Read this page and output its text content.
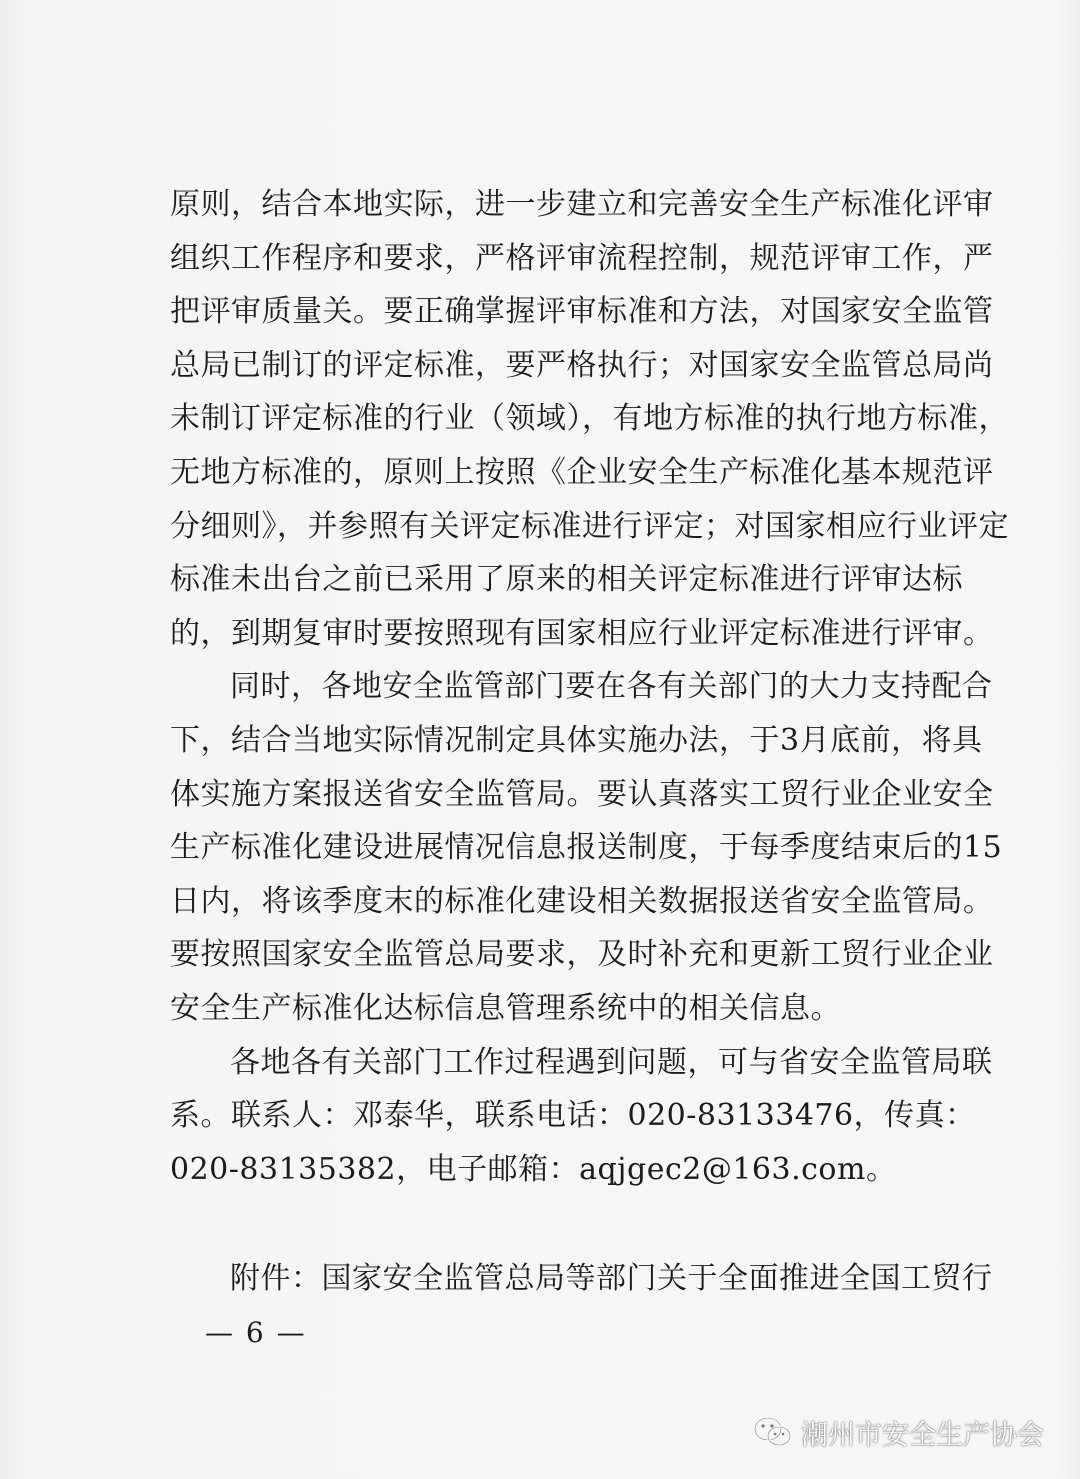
原则，结合本地实际，进一步建立和完善安全生产标准化评审
组织工作程序和要求，严格评审流程控制，规范评审工作，严
把评审质量关。要正确掌握评审标准和方法，对国家安全监管
总局已制订的评定标准，要严格执行；对国家安全监管总局尚
未制订评定标准的行业（领域），有地方标准的执行地方标准，
无地方标准的，原则上按照《企业安全生产标准化基本规范评
分细则》，并参照有关评定标准进行评定；对国家相应行业评定
标准未出台之前已采用了原来的相关评定标准进行评审达标
的，到期复审时要按照现有国家相应行业评定标准进行评审。
同时，各地安全监管部门要在各有关部门的大力支持配合
下，结合当地实际情况制定具体实施办法，于3月底前，将具
体实施方案报送省安全监管局。要认真落实工贸行业企业安全
生产标准化建设进展情况信息报送制度，于每季度结束后的15
日内，将该季度末的标准化建设相关数据报送省安全监管局。
要按照国家安全监管总局要求，及时补充和更新工贸行业企业
安全生产标准化达标信息管理系统中的相关信息。
各地各有关部门工作过程遇到问题，可与省安全监管局联
系。联系人：邓泰华，联系电话：020-83133476，传真：
020-83135382，电子邮箱：aqjgec2@163.com。
附件：国家安全监管总局等部门关于全面推进全国工贸行
— 6 —
潮州市安全生产协会
